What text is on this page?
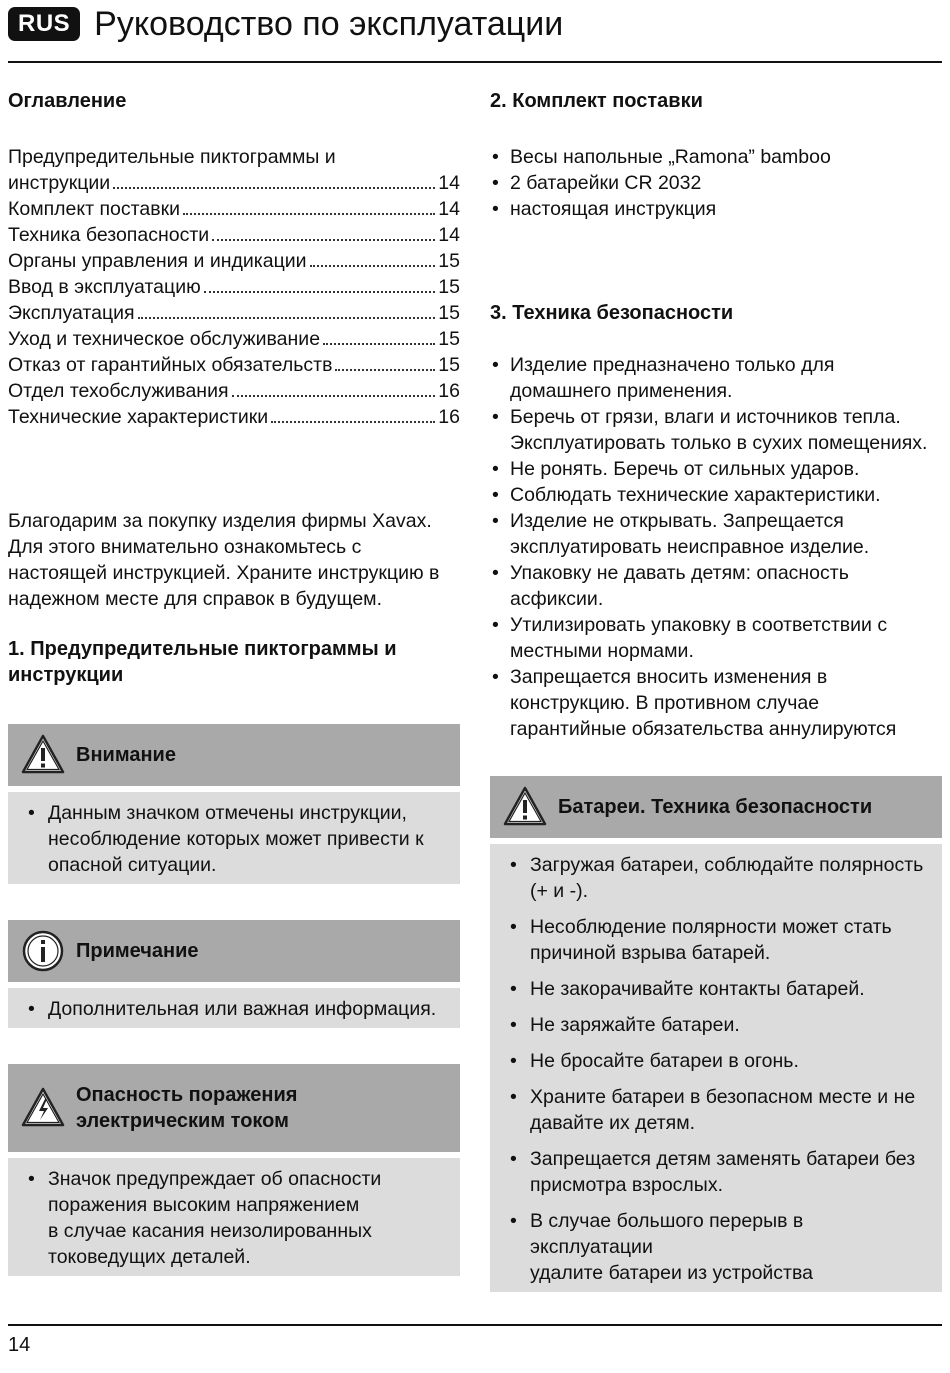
RUS Руководство по эксплуатации
Оглавление
Предупредительные пиктограммы и
инструкции	14
Комплект поставки	14
Техника безопасности	14
Органы управления и индикации	15
Ввод в эксплуатацию	15
Эксплуатация	15
Уход и техническое обслуживание	15
Отказ от гарантийных обязательств	15
Отдел техобслуживания	16
Технические характеристики	16

Благодарим за покупку изделия фирмы Xavax.

Для этого внимательно ознакомьтесь с

настоящей инструкцией. Храните инструкцию в

надежном месте для справок в будущем.

1. Предупредительные пиктограммы и

инструкции

Внимание
• Данным значком отмечены инструкции,
несоблюдение которых может привести к
опасной ситуации.
Примечание
• Дополнительная или важная информация.
Опасность поражения
электрическим током
• Значок предупреждает об опасности
поражения высоким напряжением
в случае касания неизолированных
токоведущих деталей.
2. Комплект поставки
• Весы напольные „Ramona” bamboo
• 2 батарейки CR 2032
• настоящая инструкция
3. Техника безопасности
• Изделие предназначено только для
домашнего применения.
• Беречь от грязи, влаги и источников тепла.
Эксплуатировать только в сухих помещениях.
• Не ронять. Беречь от сильных ударов.
• Соблюдать технические характеристики.
• Изделие не открывать. Запрещается
эксплуатировать неисправное изделие.
• Упаковку не давать детям: опасность
асфиксии.
• Утилизировать упаковку в соответствии с
местными нормами.
• Запрещается вносить изменения в
конструкцию. В противном случае
гарантийные обязательства аннулируются
Батареи. Техника безопасности
• Загружая батареи, соблюдайте полярность
(+ и -).
• Несоблюдение полярности может стать
причиной взрыва батарей.
• Не закорачивайте контакты батарей.
• Не заряжайте батареи.
• Не бросайте батареи в огонь.
• Храните батареи в безопасном месте и не
давайте их детям.
• Запрещается детям заменять батареи без
присмотра взрослых.
• В случае большого перерыв в эксплуатации
удалите батареи из устройства
14
